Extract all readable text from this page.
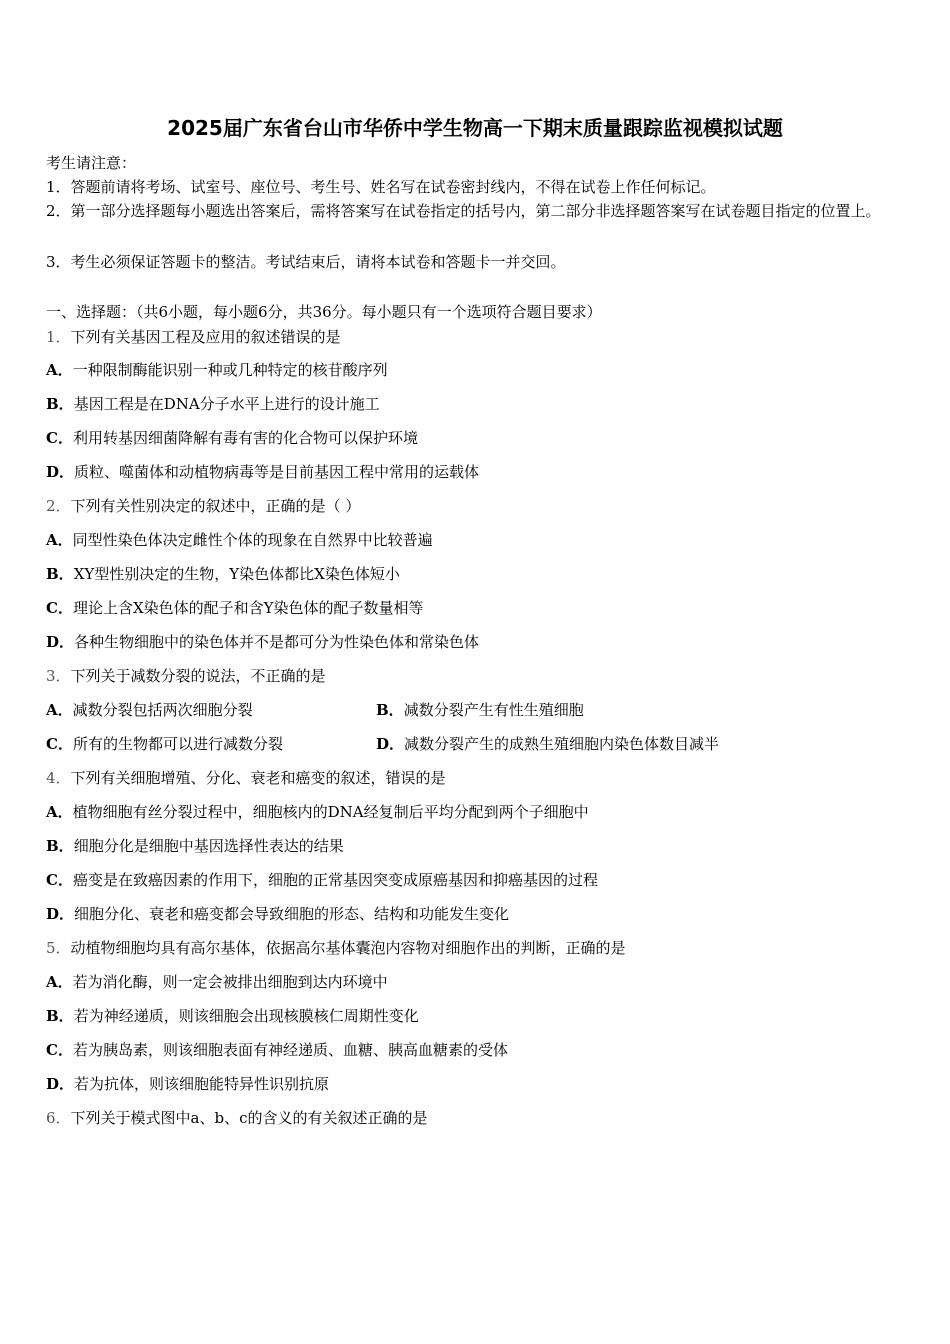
2025届广东省台山市华侨中学生物高一下期末质量跟踪监视模拟试题
考生请注意：
1．答题前请将考场、试室号、座位号、考生号、姓名写在试卷密封线内，不得在试卷上作任何标记。
2．第一部分选择题每小题选出答案后，需将答案写在试卷指定的括号内，第二部分非选择题答案写在试卷题目指定的位置上。
3．考生必须保证答题卡的整洁。考试结束后，请将本试卷和答题卡一并交回。
一、选择题：（共6小题，每小题6分，共36分。每小题只有一个选项符合题目要求）
1．下列有关基因工程及应用的叙述错误的是
A．一种限制酶能识别一种或几种特定的核苷酸序列
B．基因工程是在DNA分子水平上进行的设计施工
C．利用转基因细菌降解有毒有害的化合物可以保护环境
D．质粒、噬菌体和动植物病毒等是目前基因工程中常用的运载体
2．下列有关性别决定的叙述中，正确的是（ ）
A．同型性染色体决定雌性个体的现象在自然界中比较普遍
B．XY型性别决定的生物，Y染色体都比X染色体短小
C．理论上含X染色体的配子和含Y染色体的配子数量相等
D．各种生物细胞中的染色体并不是都可分为性染色体和常染色体
3．下列关于减数分裂的说法，不正确的是
A．减数分裂包括两次细胞分裂	B．减数分裂产生有性生殖细胞
C．所有的生物都可以进行减数分裂	D．减数分裂产生的成熟生殖细胞内染色体数目减半
4．下列有关细胞增殖、分化、衰老和癌变的叙述，错误的是
A．植物细胞有丝分裂过程中，细胞核内的DNA经复制后平均分配到两个子细胞中
B．细胞分化是细胞中基因选择性表达的结果
C．癌变是在致癌因素的作用下，细胞的正常基因突变成原癌基因和抑癌基因的过程
D．细胞分化、衰老和癌变都会导致细胞的形态、结构和功能发生变化
5．动植物细胞均具有高尔基体，依据高尔基体囊泡内容物对细胞作出的判断，正确的是
A．若为消化酶，则一定会被排出细胞到达内环境中
B．若为神经递质，则该细胞会出现核膜核仁周期性变化
C．若为胰岛素，则该细胞表面有神经递质、血糖、胰高血糖素的受体
D．若为抗体，则该细胞能特异性识别抗原
6．下列关于模式图中a、b、c的含义的有关叙述正确的是
